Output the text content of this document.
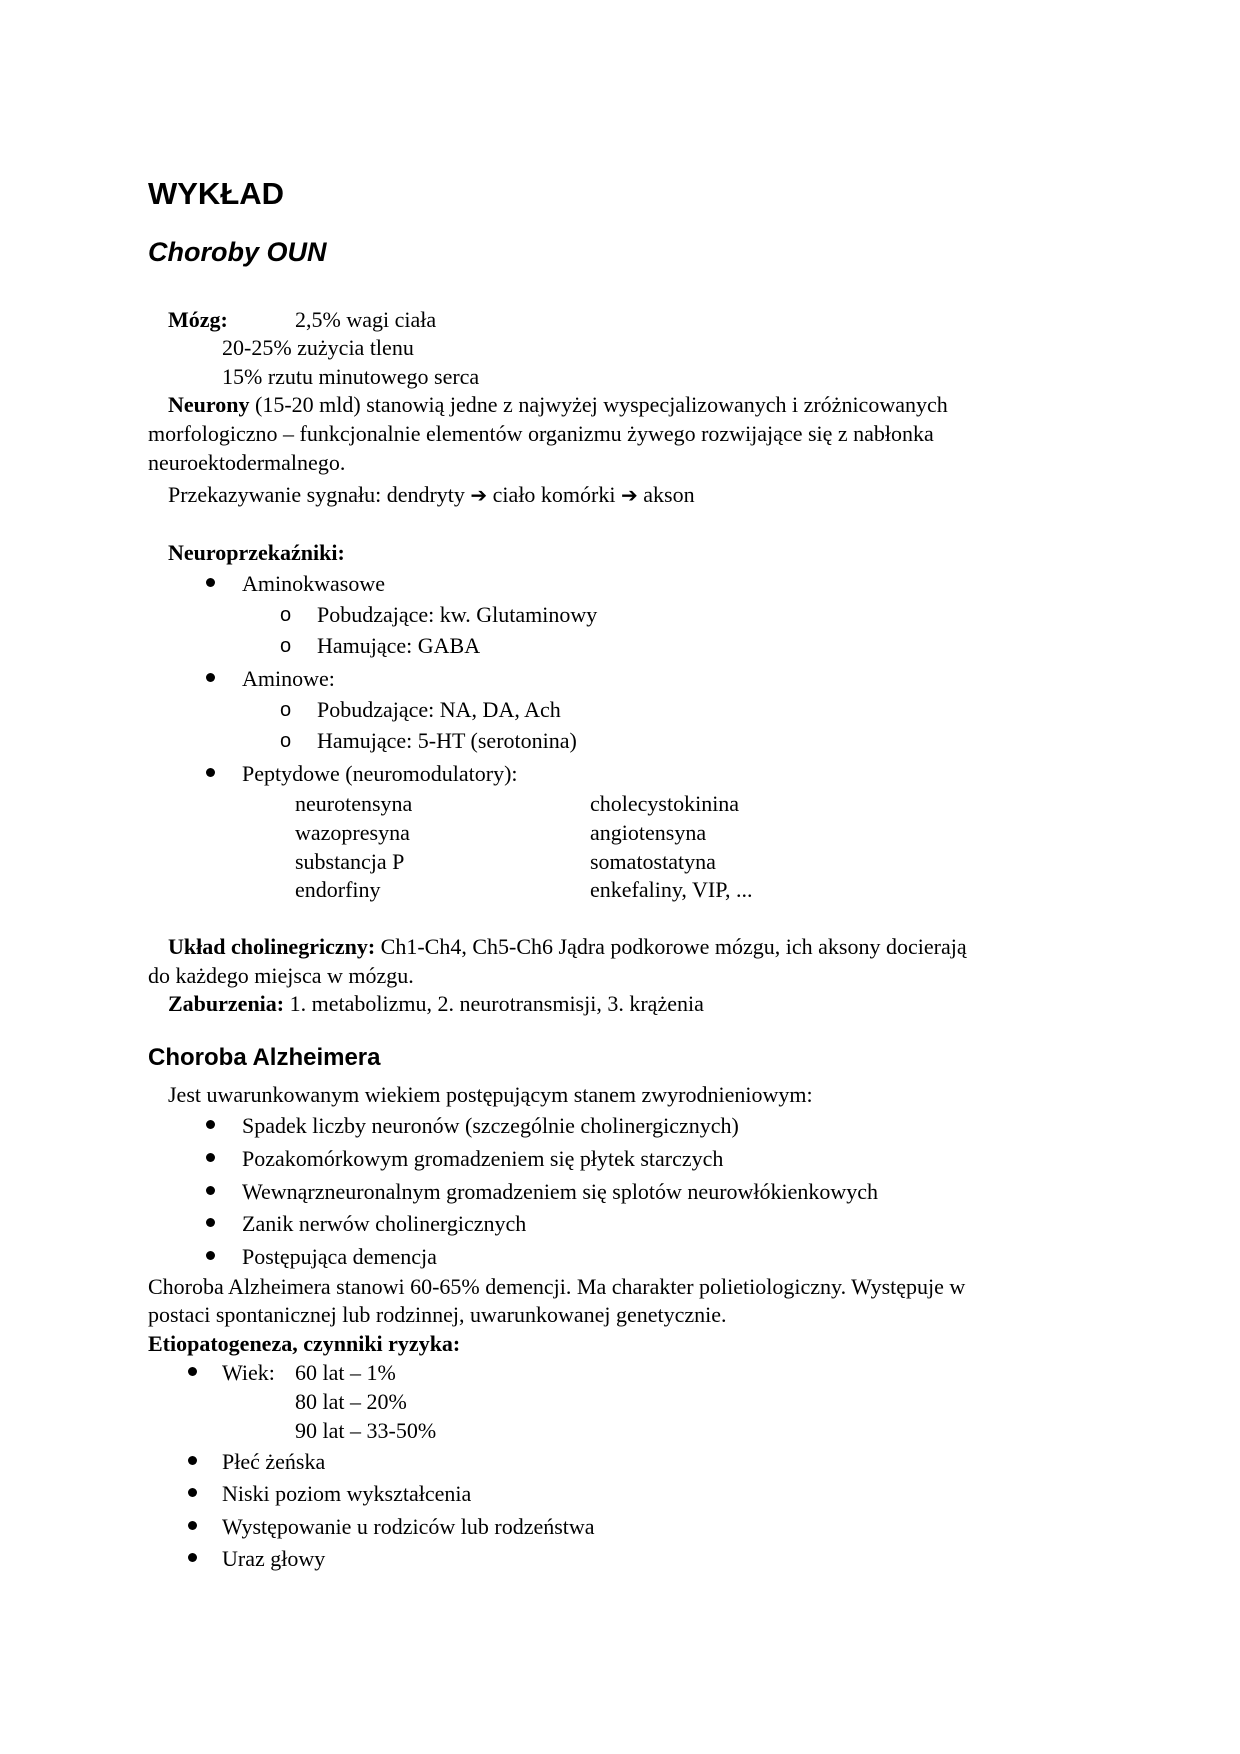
WYKŁAD
Choroby OUN
Mózg:	2,5% wagi ciała
20-25% zużycia tlenu
15% rzutu minutowego serca
Neurony (15-20 mld) stanowią jedne z najwyżej wyspecjalizowanych i zróżnicowanych
morfologiczno – funkcjonalnie elementów organizmu żywego rozwijające się z nabłonka
neuroektodermalnego.
Przekazywanie sygnału: dendryty ➔ ciało komórki ➔ akson
Neuroprzekaźniki:
Aminokwasowe
o Pobudzające: kw. Glutaminowy
o Hamujące: GABA
Aminowe:
o Pobudzające: NA, DA, Ach
o Hamujące: 5-HT (serotonina)
Peptydowe (neuromodulatory):
neurotensyna	cholecystokinina
wazopresyna	angiotensyna
substancja P	somatostatyna
endorfiny	enkefaliny, VIP, ...
Układ cholinegriczny: Ch1-Ch4, Ch5-Ch6 Jądra podkorowe mózgu, ich aksony docierają
do każdego miejsca w mózgu.
Zaburzenia: 1. metabolizmu, 2. neurotransmisji, 3. krążenia
Choroba Alzheimera
Jest uwarunkowanym wiekiem postępującym stanem zwyrodnieniowym:
Spadek liczby neuronów (szczególnie cholinergicznych)
Pozakomórkowym gromadzeniem się płytek starczych
Wewnąrzneuronalnym gromadzeniem się splotów neurowłókienkowych
Zanik nerwów cholinergicznych
Postępująca demencja
Choroba Alzheimera stanowi 60-65% demencji. Ma charakter polietiologiczny. Występuje w
postaci spontanicznej lub rodzinnej, uwarunkowanej genetycznie.
Etiopatogeneza, czynniki ryzyka:
Wiek: 60 lat – 1%
80 lat – 20%
90 lat – 33-50%
Płeć żeńska
Niski poziom wykształcenia
Występowanie u rodziców lub rodzeństwa
Uraz głowy
